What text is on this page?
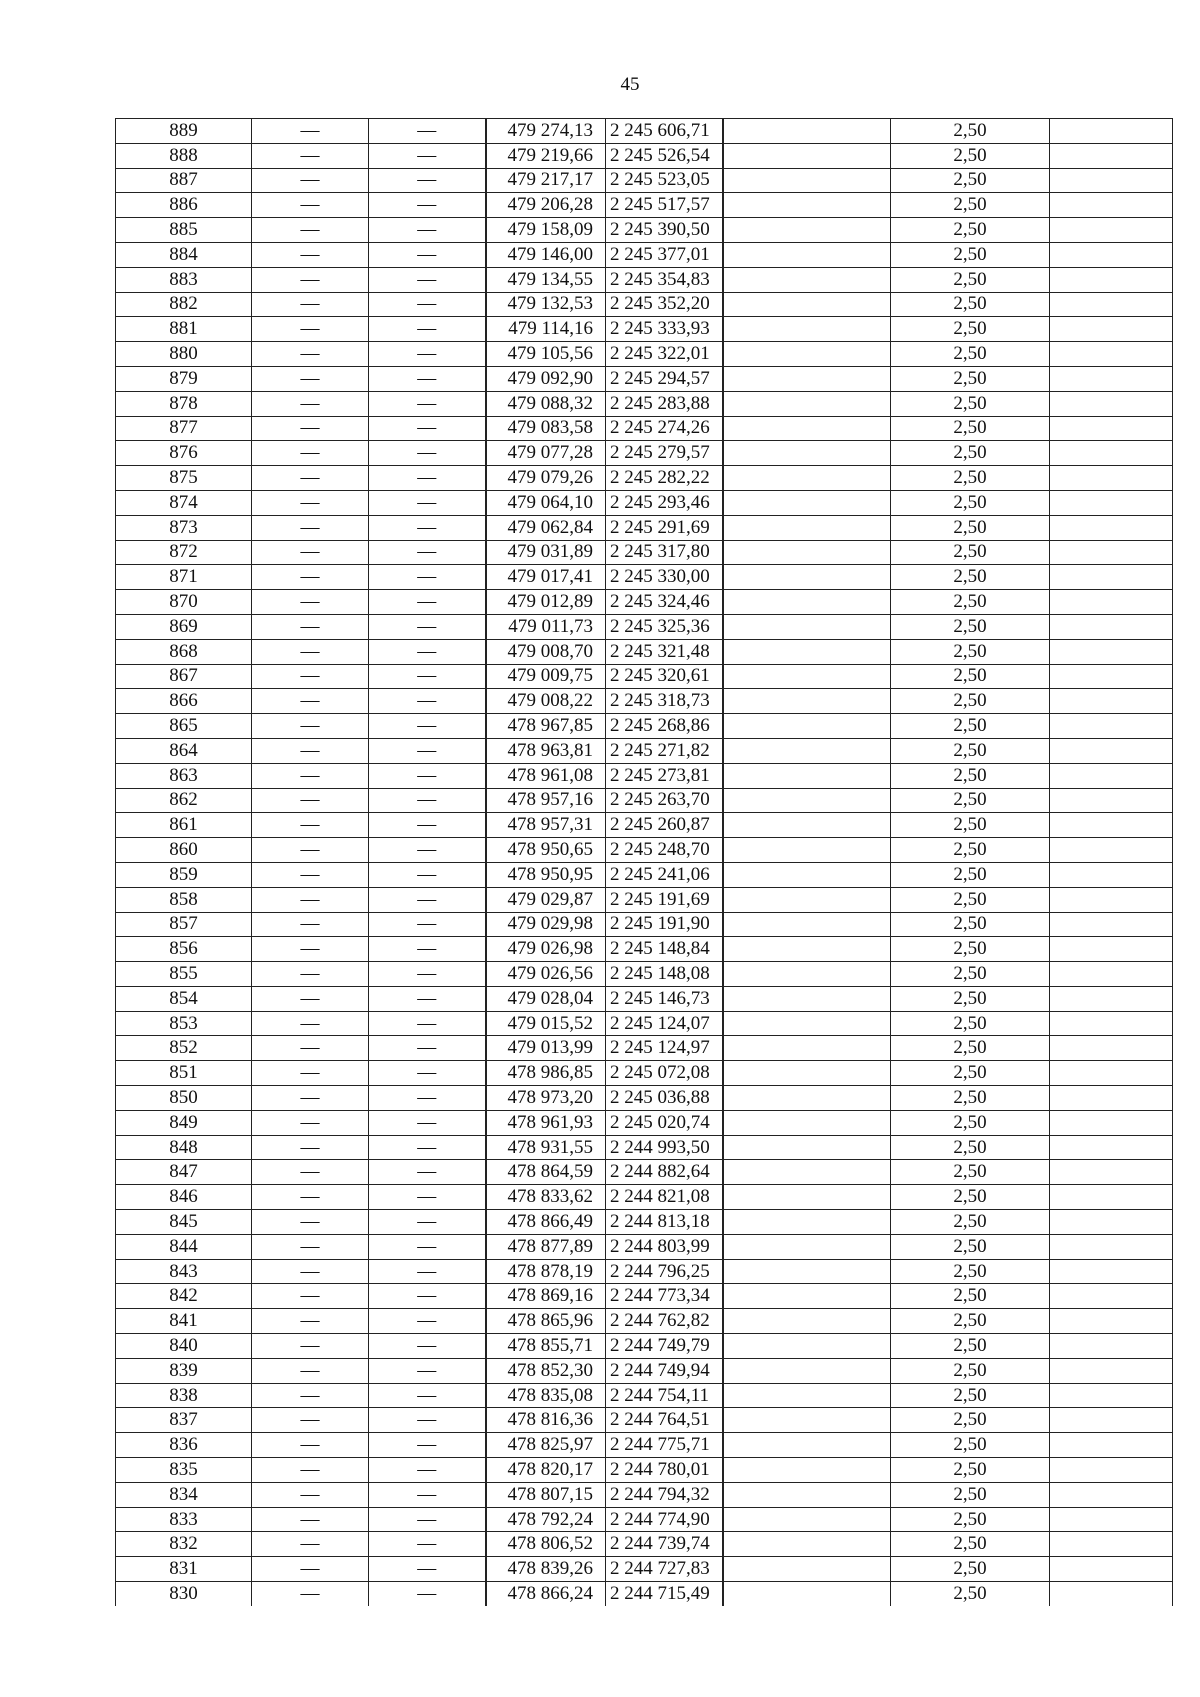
45
889	—	—	479 274,13	2 245 606,71		2,50	
888	—	—	479 219,66	2 245 526,54		2,50	
887	—	—	479 217,17	2 245 523,05		2,50	
886	—	—	479 206,28	2 245 517,57		2,50	
885	—	—	479 158,09	2 245 390,50		2,50	
884	—	—	479 146,00	2 245 377,01		2,50	
883	—	—	479 134,55	2 245 354,83		2,50	
882	—	—	479 132,53	2 245 352,20		2,50	
881	—	—	479 114,16	2 245 333,93		2,50	
880	—	—	479 105,56	2 245 322,01		2,50	
879	—	—	479 092,90	2 245 294,57		2,50	
878	—	—	479 088,32	2 245 283,88		2,50	
877	—	—	479 083,58	2 245 274,26		2,50	
876	—	—	479 077,28	2 245 279,57		2,50	
875	—	—	479 079,26	2 245 282,22		2,50	
874	—	—	479 064,10	2 245 293,46		2,50	
873	—	—	479 062,84	2 245 291,69		2,50	
872	—	—	479 031,89	2 245 317,80		2,50	
871	—	—	479 017,41	2 245 330,00		2,50	
870	—	—	479 012,89	2 245 324,46		2,50	
869	—	—	479 011,73	2 245 325,36		2,50	
868	—	—	479 008,70	2 245 321,48		2,50	
867	—	—	479 009,75	2 245 320,61		2,50	
866	—	—	479 008,22	2 245 318,73		2,50	
865	—	—	478 967,85	2 245 268,86		2,50	
864	—	—	478 963,81	2 245 271,82		2,50	
863	—	—	478 961,08	2 245 273,81		2,50	
862	—	—	478 957,16	2 245 263,70		2,50	
861	—	—	478 957,31	2 245 260,87		2,50	
860	—	—	478 950,65	2 245 248,70		2,50	
859	—	—	478 950,95	2 245 241,06		2,50	
858	—	—	479 029,87	2 245 191,69		2,50	
857	—	—	479 029,98	2 245 191,90		2,50	
856	—	—	479 026,98	2 245 148,84		2,50	
855	—	—	479 026,56	2 245 148,08		2,50	
854	—	—	479 028,04	2 245 146,73		2,50	
853	—	—	479 015,52	2 245 124,07		2,50	
852	—	—	479 013,99	2 245 124,97		2,50	
851	—	—	478 986,85	2 245 072,08		2,50	
850	—	—	478 973,20	2 245 036,88		2,50	
849	—	—	478 961,93	2 245 020,74		2,50	
848	—	—	478 931,55	2 244 993,50		2,50	
847	—	—	478 864,59	2 244 882,64		2,50	
846	—	—	478 833,62	2 244 821,08		2,50	
845	—	—	478 866,49	2 244 813,18		2,50	
844	—	—	478 877,89	2 244 803,99		2,50	
843	—	—	478 878,19	2 244 796,25		2,50	
842	—	—	478 869,16	2 244 773,34		2,50	
841	—	—	478 865,96	2 244 762,82		2,50	
840	—	—	478 855,71	2 244 749,79		2,50	
839	—	—	478 852,30	2 244 749,94		2,50	
838	—	—	478 835,08	2 244 754,11		2,50	
837	—	—	478 816,36	2 244 764,51		2,50	
836	—	—	478 825,97	2 244 775,71		2,50	
835	—	—	478 820,17	2 244 780,01		2,50	
834	—	—	478 807,15	2 244 794,32		2,50	
833	—	—	478 792,24	2 244 774,90		2,50	
832	—	—	478 806,52	2 244 739,74		2,50	
831	—	—	478 839,26	2 244 727,83		2,50	
830	—	—	478 866,24	2 244 715,49		2,50	
